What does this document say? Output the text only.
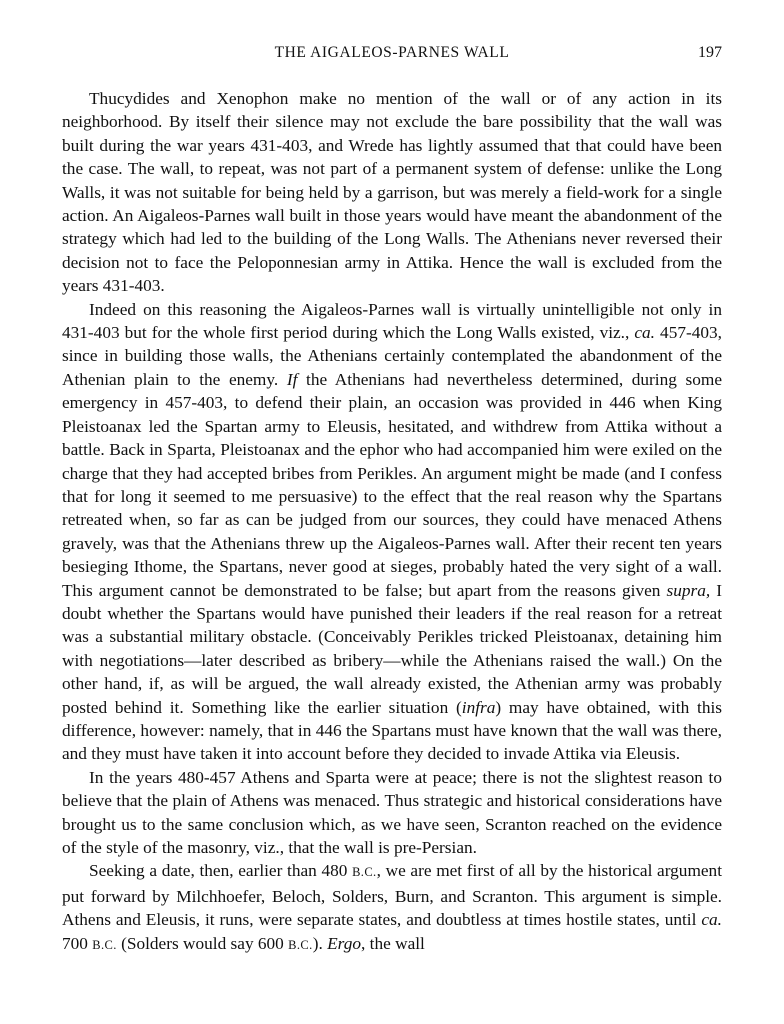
THE AIGALEOS-PARNES WALL	197

Thucydides and Xenophon make no mention of the wall or of any action in its neighborhood. By itself their silence may not exclude the bare possibility that the wall was built during the war years 431-403, and Wrede has lightly assumed that that could have been the case. The wall, to repeat, was not part of a permanent system of defense: unlike the Long Walls, it was not suitable for being held by a garrison, but was merely a field-work for a single action. An Aigaleos-Parnes wall built in those years would have meant the abandonment of the strategy which had led to the building of the Long Walls. The Athenians never reversed their decision not to face the Peloponnesian army in Attika. Hence the wall is excluded from the years 431-403.

Indeed on this reasoning the Aigaleos-Parnes wall is virtually unintelligible not only in 431-403 but for the whole first period during which the Long Walls existed, viz., ca. 457-403, since in building those walls, the Athenians certainly contemplated the abandonment of the Athenian plain to the enemy. If the Athenians had nevertheless determined, during some emergency in 457-403, to defend their plain, an occasion was provided in 446 when King Pleistoanax led the Spartan army to Eleusis, hesitated, and withdrew from Attika without a battle. Back in Sparta, Pleistoanax and the ephor who had accompanied him were exiled on the charge that they had accepted bribes from Perikles. An argument might be made (and I confess that for long it seemed to me persuasive) to the effect that the real reason why the Spartans retreated when, so far as can be judged from our sources, they could have menaced Athens gravely, was that the Athenians threw up the Aigaleos-Parnes wall. After their recent ten years besieging Ithome, the Spartans, never good at sieges, probably hated the very sight of a wall. This argument cannot be demonstrated to be false; but apart from the reasons given supra, I doubt whether the Spartans would have punished their leaders if the real reason for a retreat was a substantial military obstacle. (Conceivably Perikles tricked Pleistoanax, detaining him with negotiations—later described as bribery—while the Athenians raised the wall.) On the other hand, if, as will be argued, the wall already existed, the Athenian army was probably posted behind it. Something like the earlier situation (infra) may have obtained, with this difference, however: namely, that in 446 the Spartans must have known that the wall was there, and they must have taken it into account before they decided to invade Attika via Eleusis.

In the years 480-457 Athens and Sparta were at peace; there is not the slightest reason to believe that the plain of Athens was menaced. Thus strategic and historical considerations have brought us to the same conclusion which, as we have seen, Scranton reached on the evidence of the style of the masonry, viz., that the wall is pre-Persian.

Seeking a date, then, earlier than 480 B.C., we are met first of all by the historical argument put forward by Milchhoefer, Beloch, Solders, Burn, and Scranton. This argument is simple. Athens and Eleusis, it runs, were separate states, and doubtless at times hostile states, until ca. 700 B.C. (Solders would say 600 B.C.). Ergo, the wall
